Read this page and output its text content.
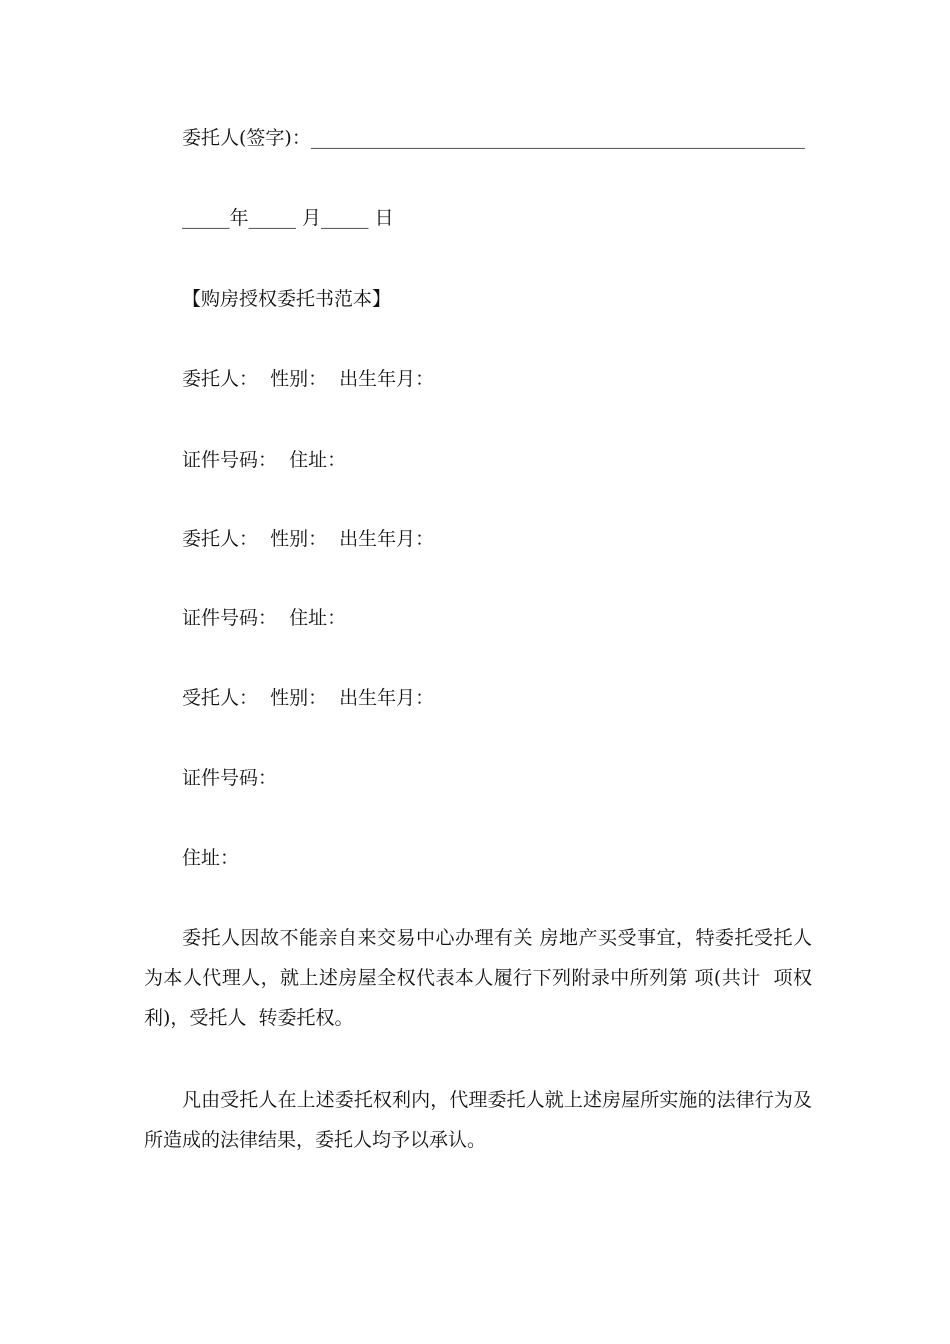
委托人(签字)：____________________________________________________
_____年_____ 月_____ 日
【购房授权委托书范本】
委托人：  性别：  出生年月：
证件号码：  住址：
委托人：  性别：  出生年月：
证件号码：  住址：
受托人：  性别：  出生年月：
证件号码：
住址：
委托人因故不能亲自来交易中心办理有关 房地产买受事宜，特委托受托人为本人代理人，就上述房屋全权代表本人履行下列附录中所列第 项(共计  项权利)，受托人  转委托权。
凡由受托人在上述委托权利内，代理委托人就上述房屋所实施的法律行为及所造成的法律结果，委托人均予以承认。
